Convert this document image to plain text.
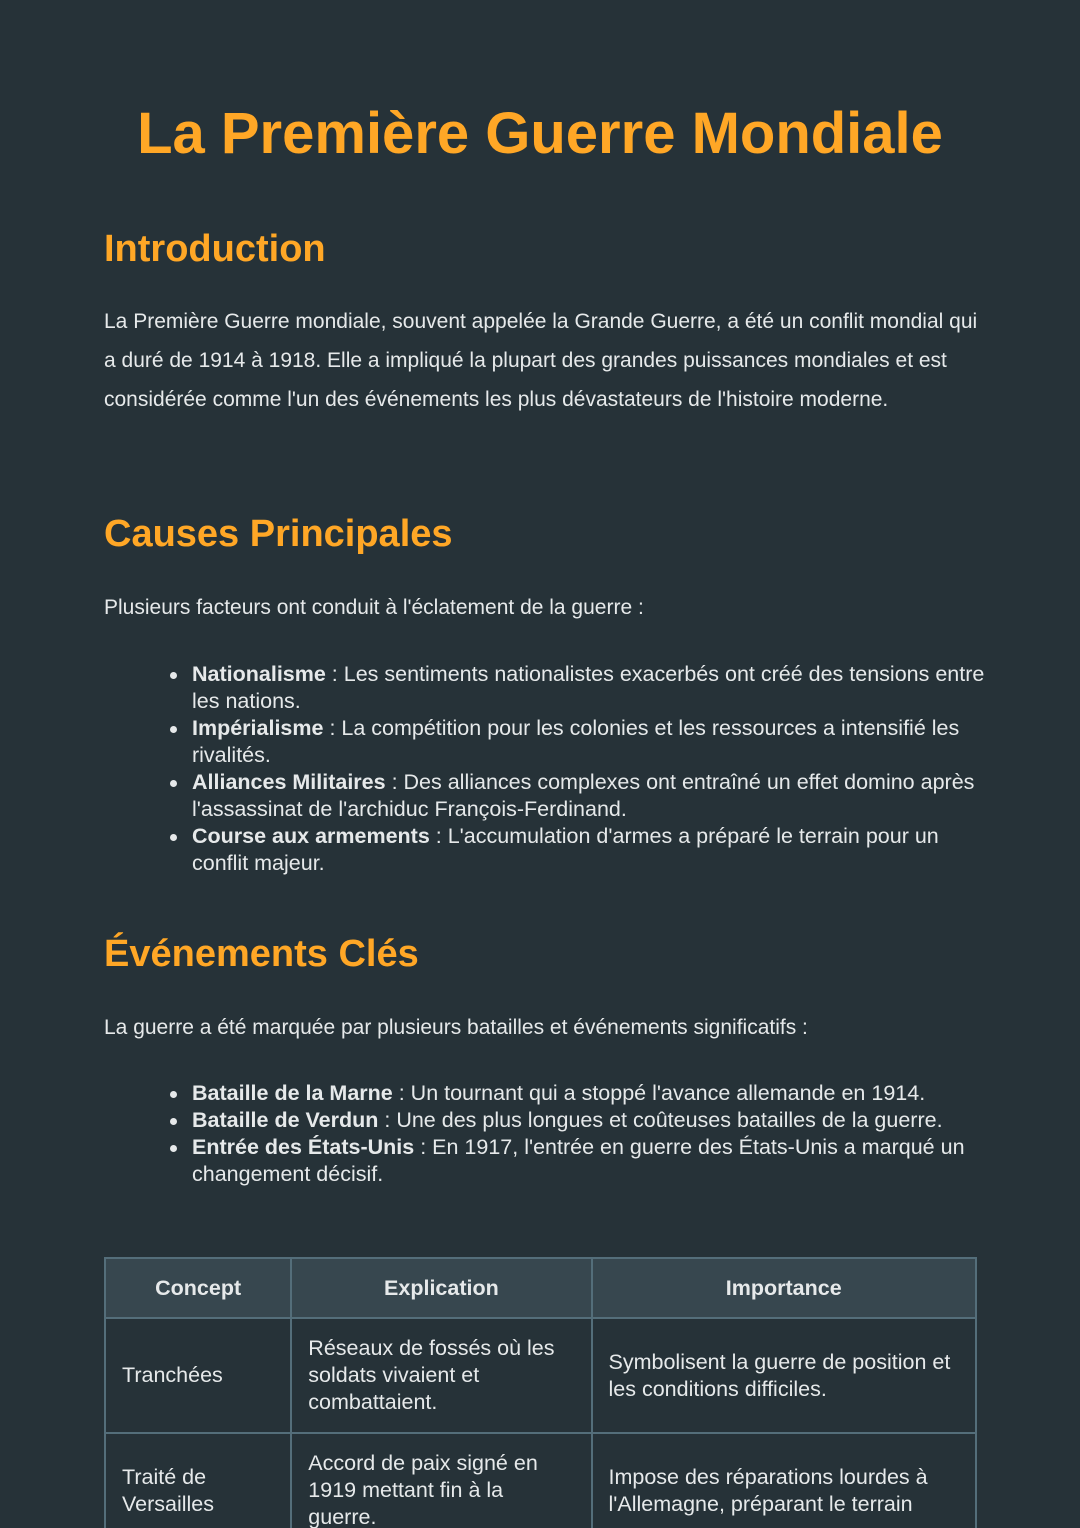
La Première Guerre Mondiale
Introduction

La Première Guerre mondiale, souvent appelée la Grande Guerre, a été un conflit mondial qui a duré de 1914 à 1918. Elle a impliqué la plupart des grandes puissances mondiales et est considérée comme l'un des événements les plus dévastateurs de l'histoire moderne.

Causes Principales

Plusieurs facteurs ont conduit à l'éclatement de la guerre :

Nationalisme : Les sentiments nationalistes exacerbés ont créé des tensions entre les nations.
Impérialisme : La compétition pour les colonies et les ressources a intensifié les rivalités.
Alliances Militaires : Des alliances complexes ont entraîné un effet domino après l'assassinat de l'archiduc François-Ferdinand.
Course aux armements : L'accumulation d'armes a préparé le terrain pour un conflit majeur.
Événements Clés

La guerre a été marquée par plusieurs batailles et événements significatifs :

Bataille de la Marne : Un tournant qui a stoppé l'avance allemande en 1914.
Bataille de Verdun : Une des plus longues et coûteuses batailles de la guerre.
Entrée des États-Unis : En 1917, l'entrée en guerre des États-Unis a marqué un changement décisif.
Concept	Explication	Importance
Tranchées	Réseaux de fossés où les soldats vivaient et combattaient.	Symbolisent la guerre de position et les conditions difficiles.
Traité de Versailles	Accord de paix signé en 1919 mettant fin à la guerre.	Impose des réparations lourdes à l'Allemagne, préparant le terrain
